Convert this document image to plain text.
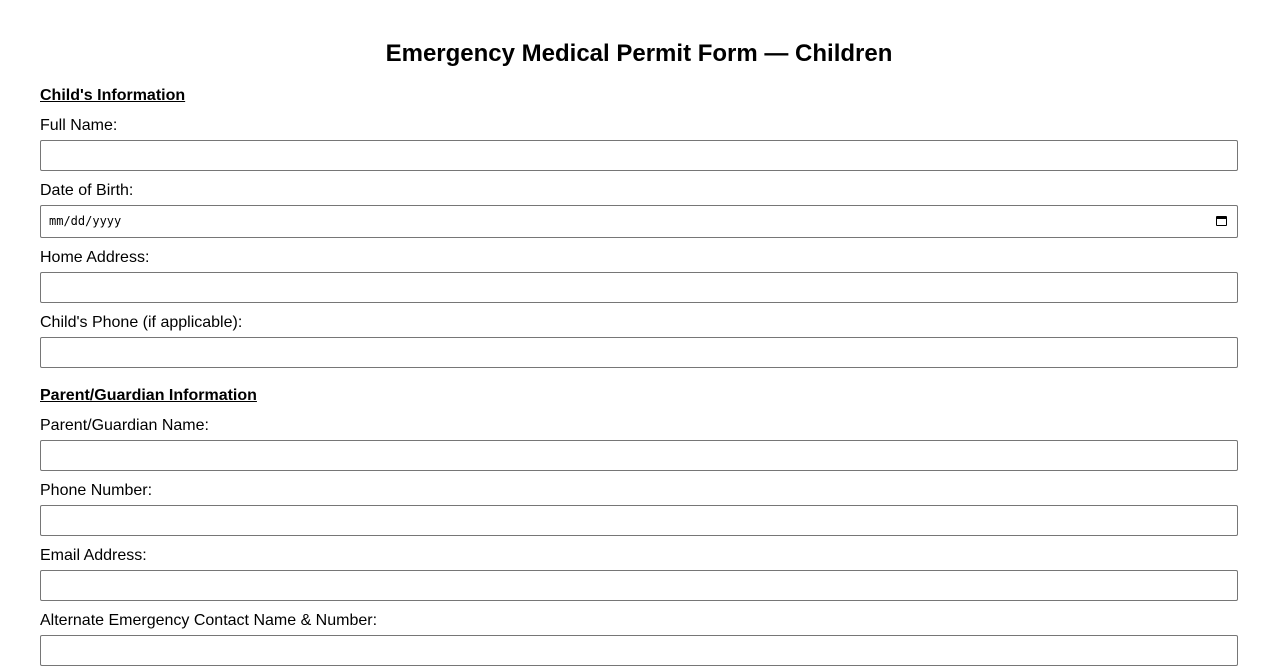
Emergency Medical Permit Form — Children
Child's Information
Full Name:
Date of Birth:
mm/dd/yyyy
Home Address:
Child's Phone (if applicable):
Parent/Guardian Information
Parent/Guardian Name:
Phone Number:
Email Address:
Alternate Emergency Contact Name & Number:
